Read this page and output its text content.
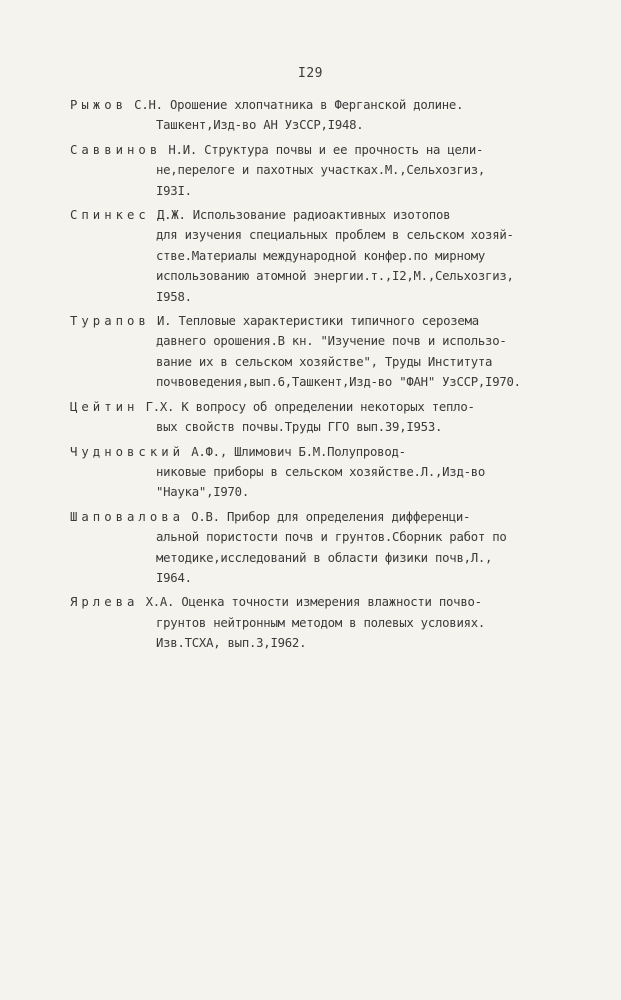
I29
Рыжов С.Н. Орошение хлопчатника в Ферганской долине.
Ташкент,Изд-во АН УзССР,I948.
Саввинов Н.И. Структура почвы и ее прочность на цели-
не,перелоге и пахотных участках.М.,Сельхозгиз,
I93I.
Спинкес Д.Ж. Использование радиоактивных изотопов
для изучения специальных проблем в сельском хозяй-
стве.Материалы международной конфер.по мирному
использованию атомной энергии.т.,I2,М.,Сельхозгиз,
I958.
Турапов И. Тепловые характеристики типичного серозема
давнего орошения.В кн. "Изучение почв и использо-
вание их в сельском хозяйстве", Труды Института
почвоведения,вып.6,Ташкент,Изд-во "ФАН" УзССР,I970.
Цейтин Г.Х. К вопросу об определении некоторых тепло-
вых свойств почвы.Труды ГГО вып.39,I953.
Чудновский А.Ф., Шлимович Б.М.Полупровод-
никовые приборы в сельском хозяйстве.Л.,Изд-во
"Наука",I970.
Шаповалова О.В. Прибор для определения дифференци-
альной пористости почв и грунтов.Сборник работ по
методике,исследований в области физики почв,Л.,
I964.
Ярлева Х.А. Оценка точности измерения влажности почво-
грунтов нейтронным методом в полевых условиях.
Изв.ТСХА, вып.3,I962.
